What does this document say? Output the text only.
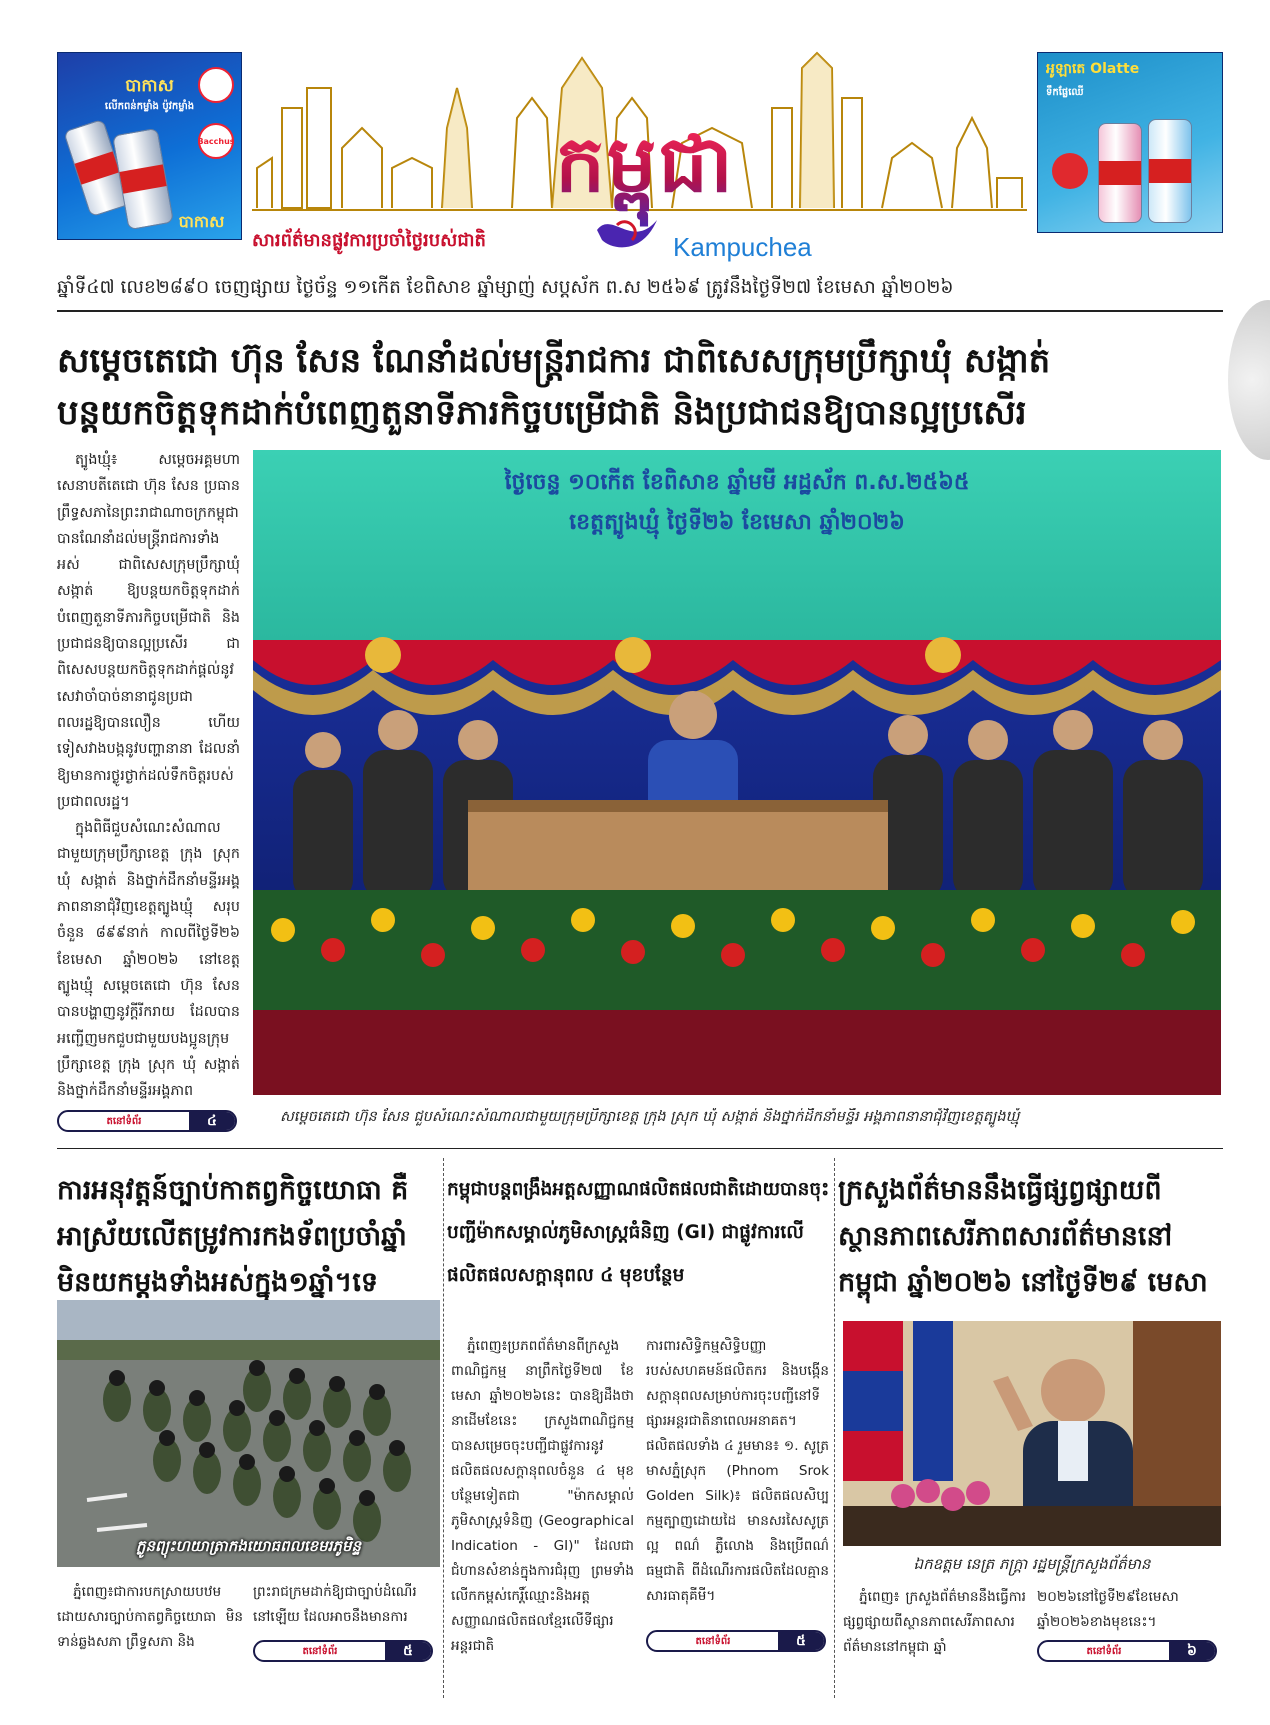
បាកាស
លើកពន់កម្លាំង ប៉ូវកម្លាំង
Bacchus
បាកាស
កម្ពុជា
សារព័ត៌មានផ្លូវការប្រចាំថ្ងៃរបស់ជាតិ	Kampuchea
អូឡាតេ Olatte
ទឹកផ្លែឈើ
ឆ្នាំទី៤៧ លេខ២៨៩០ ចេញផ្សាយ ថ្ងៃច័ន្ទ ១១កើត ខែពិសាខ ឆ្នាំម្សាញ់ សប្តស័ក ព.ស ២៥៦៩ ត្រូវនឹងថ្ងៃទី២៧ ខែមេសា ឆ្នាំ២០២៦
សម្តេចតេជោ ហ៊ុន សែន ណែនាំដល់មន្ត្រីរាជការ ជាពិសេសក្រុមប្រឹក្សាឃុំ សង្កាត់
បន្តយកចិត្តទុកដាក់បំពេញតួនាទីភារកិច្ចបម្រើជាតិ និងប្រជាជនឱ្យបានល្អប្រសើរ

ត្បូងឃ្មុំ៖ សម្តេចអគ្គមហាសេនាបតីតេជោ ហ៊ុន សែន ប្រធានព្រឹទ្ធសភានៃព្រះរាជាណាចក្រកម្ពុជា បានណែនាំដល់មន្ត្រីរាជការទាំងអស់ ជាពិសេសក្រុមប្រឹក្សាឃុំ សង្កាត់ ឱ្យបន្តយកចិត្តទុកដាក់បំពេញតួនាទីភារកិច្ចបម្រើជាតិ និងប្រជាជនឱ្យបានល្អប្រសើរ ជាពិសេសបន្តយកចិត្តទុកដាក់ផ្តល់នូវសេវាចាំបាច់នានាជូនប្រជាពលរដ្ឋឱ្យបានលឿន ហើយ ទៀសវាងបង្កនូវបញ្ហានានា ដែលនាំឱ្យមានការថ្ងូរថ្ងាក់ដល់ទឹកចិត្តរបស់ប្រជាពលរដ្ឋ។

ក្នុងពិធីជួបសំណេះសំណាលជាមួយក្រុមប្រឹក្សាខេត្ត ក្រុង ស្រុក ឃុំ សង្កាត់ និងថ្នាក់ដឹកនាំមន្ទីរអង្គភាពនានាជុំវិញខេត្តត្បូងឃ្មុំ សរុបចំនួន ៨៩៩នាក់ កាលពីថ្ងៃទី២៦ ខែមេសា ឆ្នាំ២០២៦ នៅខេត្តត្បូងឃ្មុំ សម្តេចតេជោ ហ៊ុន សែន បានបង្ហាញនូវក្តីរីករាយ ដែលបានអញ្ជើញមកជួបជាមួយបងប្អូនក្រុមប្រឹក្សាខេត្ត ក្រុង ស្រុក ឃុំ សង្កាត់ និងថ្នាក់ដឹកនាំមន្ទីរអង្គភាព

ថ្ងៃចេន្ទ ១០កើត ខែពិសាខ ឆ្នាំមមី អដ្ឋស័ក ព.ស.២៥៦៥
ខេត្តត្បូងឃ្មុំ ថ្ងៃទី២៦ ខែមេសា ឆ្នាំ២០២៦
តនៅទំព័រ	៤	សម្តេចតេជោ ហ៊ុន សែន ជួបសំណេះសំណាលជាមួយក្រុមប្រឹក្សាខេត្ត ក្រុង ស្រុក ឃុំ សង្កាត់ និងថ្នាក់ដឹកនាំមន្ទីរ អង្គភាពនានាជុំវិញខេត្តត្បូងឃ្មុំ
ការអនុវត្តន៍ច្បាប់កាតព្វកិច្ចយោធា គឺអាស្រ័យលើតម្រូវការកងទ័ពប្រចាំឆ្នាំ មិនយកម្តងទាំងអស់ក្នុង១ឆ្នាំ។ទេ
ក្លូនព្យុះហយាត្រាកងយោធពលខេមរភូមិន្ទ
ភ្នំពេញ៖ជាការបកស្រាយបឋម ដោយសារច្បាប់កាតព្វកិច្ចយោធា មិនទាន់ឆ្លងសភា ព្រឹទ្ធសភា និង
ព្រះរាជក្រមដាក់ឱ្យជាច្បាប់ដំណើរនៅឡើយ ដែលអាចនឹងមានការ
តនៅទំព័រ	៥
កម្ពុជាបន្តពង្រឹងអត្តសញ្ញាណផលិតផលជាតិដោយបានចុះបញ្ជីម៉ាកសម្គាល់ភូមិសាស្ត្រធំនិញ (GI) ជាផ្លូវការលើផលិតផលសក្តានុពល ៤ មុខបន្ថែម
ភ្នំពេញ៖ប្រភពព័ត៌មានពីក្រសួងពាណិជ្ជកម្ម នាព្រឹកថ្ងៃទី២៧ ខែមេសា ឆ្នាំ២០២៦នេះ បានឱ្យដឹងថា នាដើមខែនេះ ក្រសួងពាណិជ្ជកម្ម បានសម្រេចចុះបញ្ជីជាផ្លូវការនូវផលិតផលសក្តានុពលចំនួន ៤ មុខបន្ថែមទៀតជា "ម៉ាកសម្គាល់ភូមិសាស្ត្រទំនិញ (Geographical Indication - GI)" ដែលជាជំហានសំខាន់ក្នុងការជំរុញ ព្រមទាំងលើកកម្ពស់កេរ្តិ៍ឈ្មោះនិងអត្តសញ្ញាណផលិតផលខ្មែរលើទីផ្សារអន្តរជាតិ
ការពារសិទ្ធិកម្មសិទ្ធិបញ្ញារបស់សហគមន៍ផលិតករ និងបង្កើនសក្តានុពលសម្រាប់ការចុះបញ្ជីនៅទីផ្សារអន្តរជាតិនាពេលអនាគត។ ផលិតផលទាំង ៤ រួមមាន៖ ១. សូត្រមាសភ្នំស្រុក (Phnom Srok Golden Silk)៖ ផលិតផលសិប្បកម្មត្បាញដោយដៃ មានសរសៃសូត្រល្អ ពណ៌ ភ្លឺលោង និងប្រើពណ៌ធម្មជាតិ ពីដំណើរការផលិតដែលគ្មានសារធាតុគីមី។
តនៅទំព័រ	៥
ក្រសួងព័ត៌មាននឹងធ្វើផ្សព្វផ្សាយពីស្ថានភាពសេរីភាពសារព័ត៌មាននៅកម្ពុជា ឆ្នាំ២០២៦ នៅថ្ងៃទី២៩ មេសា
ឯកឧត្តម នេត្រ ភក្ត្រា រដ្ឋមន្ត្រីក្រសួងព័ត៌មាន
ភ្នំពេញ៖ ក្រសួងព័ត៌មាននឹងធ្វើការផ្សព្វផ្សាយពីស្ថានភាពសេរីភាពសារព័ត៌មាននៅកម្ពុជា ឆ្នាំ
២០២៦នៅថ្ងៃទី២៩ខែមេសាឆ្នាំ២០២៦ខាងមុខនេះ។
តនៅទំព័រ	៦
